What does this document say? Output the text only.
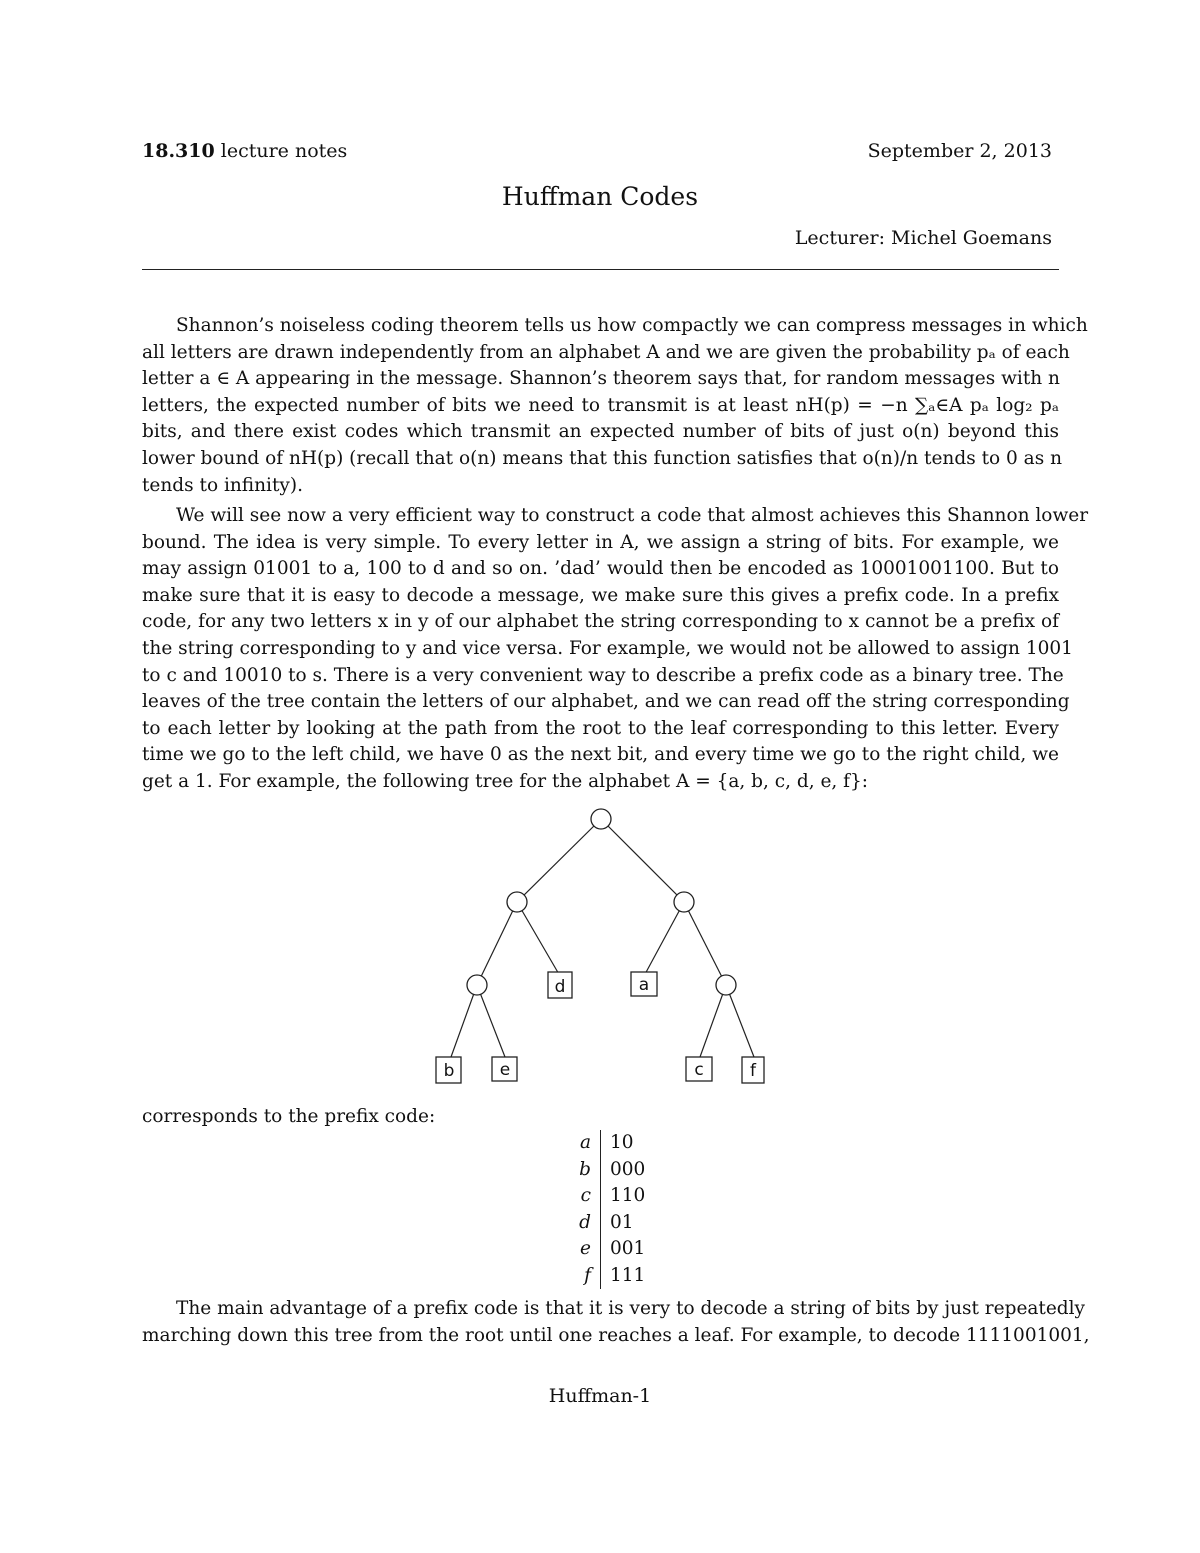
18.310 lecture notes	September 2, 2013
Huffman Codes
Lecturer: Michel Goemans
Shannon’s noiseless coding theorem tells us how compactly we can compress messages in which
all letters are drawn independently from an alphabet A and we are given the probability pₐ of each
letter a ∈ A appearing in the message. Shannon’s theorem says that, for random messages with n
letters, the expected number of bits we need to transmit is at least nH(p) = −n ∑ₐ∈A pₐ log₂ pₐ
bits, and there exist codes which transmit an expected number of bits of just o(n) beyond this
lower bound of nH(p) (recall that o(n) means that this function satisfies that o(n)/n tends to 0 as n
tends to infinity).
We will see now a very efficient way to construct a code that almost achieves this Shannon lower
bound. The idea is very simple. To every letter in A, we assign a string of bits. For example, we
may assign 01001 to a, 100 to d and so on. ’dad’ would then be encoded as 10001001100. But to
make sure that it is easy to decode a message, we make sure this gives a prefix code. In a prefix
code, for any two letters x in y of our alphabet the string corresponding to x cannot be a prefix of
the string corresponding to y and vice versa. For example, we would not be allowed to assign 1001
to c and 10010 to s. There is a very convenient way to describe a prefix code as a binary tree. The
leaves of the tree contain the letters of our alphabet, and we can read off the string corresponding
to each letter by looking at the path from the root to the leaf corresponding to this letter. Every
time we go to the left child, we have 0 as the next bit, and every time we go to the right child, we
get a 1. For example, the following tree for the alphabet A = {a, b, c, d, e, f}:
d	a
b	e	c	f
corresponds to the prefix code:
a	10
b	000
c	110
d	01
e	001
f	111
The main advantage of a prefix code is that it is very to decode a string of bits by just repeatedly
marching down this tree from the root until one reaches a leaf. For example, to decode 1111001001,
Huffman-1
